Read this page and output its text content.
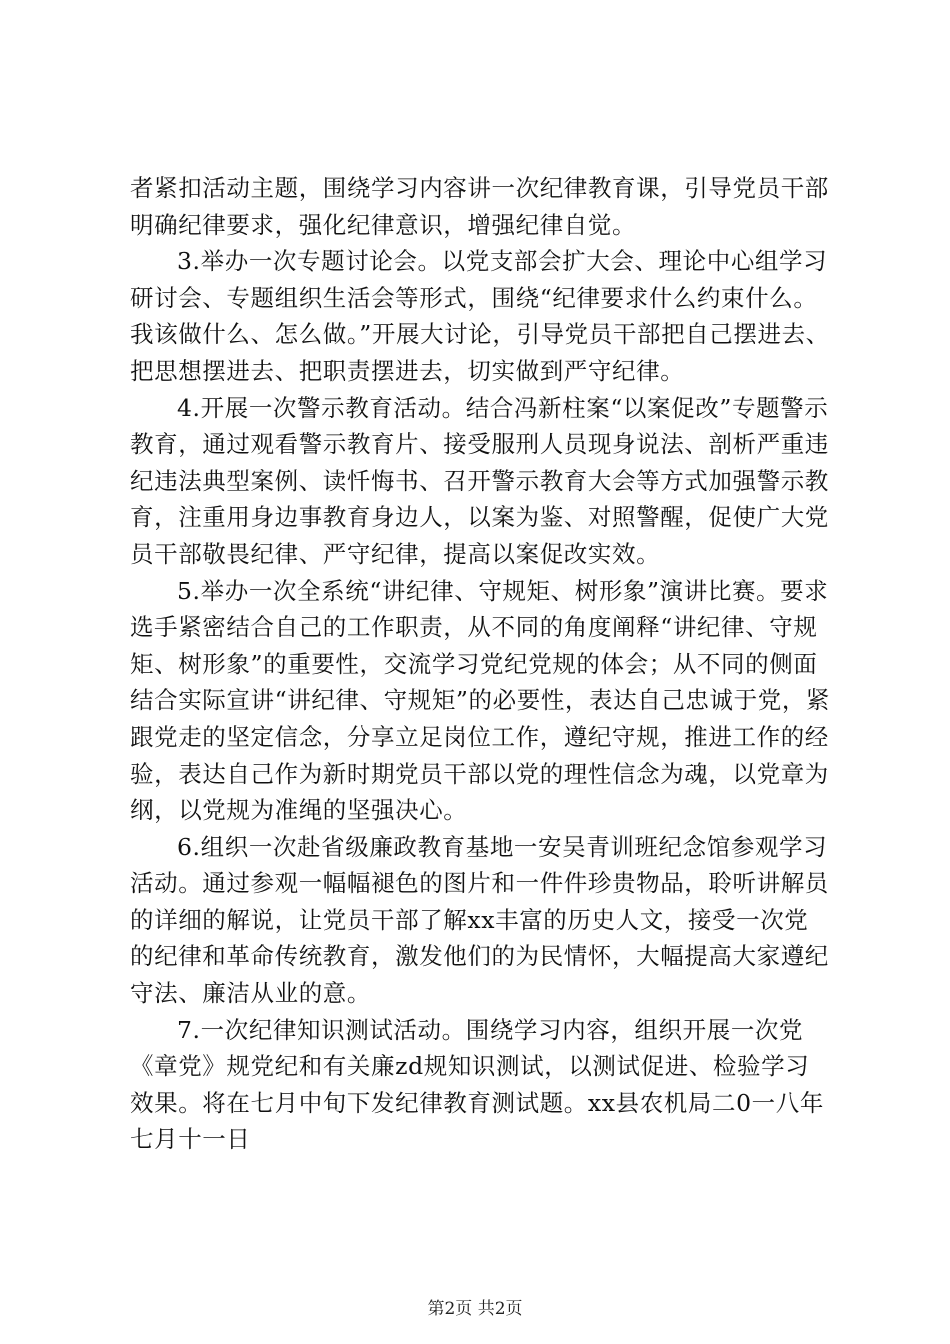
者紧扣活动主题，围绕学习内容讲一次纪律教育课，引导党员干部明确纪律要求，强化纪律意识，增强纪律自觉。

3.举办一次专题讨论会。以党支部会扩大会、理论中心组学习研讨会、专题组织生活会等形式，围绕“纪律要求什么约束什么。我该做什么、怎么做。”开展大讨论，引导党员干部把自己摆进去、把思想摆进去、把职责摆进去，切实做到严守纪律。

4.开展一次警示教育活动。结合冯新柱案“以案促改”专题警示教育，通过观看警示教育片、接受服刑人员现身说法、剖析严重违纪违法典型案例、读忏悔书、召开警示教育大会等方式加强警示教育，注重用身边事教育身边人，以案为鉴、对照警醒，促使广大党员干部敬畏纪律、严守纪律，提高以案促改实效。

5.举办一次全系统“讲纪律、守规矩、树形象”演讲比赛。要求选手紧密结合自己的工作职责，从不同的角度阐释“讲纪律、守规矩、树形象”的重要性，交流学习党纪党规的体会；从不同的侧面结合实际宣讲“讲纪律、守规矩”的必要性，表达自己忠诚于党，紧跟党走的坚定信念，分享立足岗位工作，遵纪守规，推进工作的经验，表达自己作为新时期党员干部以党的理性信念为魂，以党章为纲，以党规为准绳的坚强决心。

6.组织一次赴省级廉政教育基地一安吴青训班纪念馆参观学习活动。通过参观一幅幅褪色的图片和一件件珍贵物品，聆听讲解员的详细的解说，让党员干部了解xx丰富的历史人文，接受一次党的纪律和革命传统教育，激发他们的为民情怀，大幅提高大家遵纪守法、廉洁从业的意。

7.一次纪律知识测试活动。围绕学习内容，组织开展一次党《章党》规党纪和有关廉zd规知识测试，以测试促进、检验学习效果。将在七月中旬下发纪律教育测试题。xx县农机局二0一八年七月十一日

第2页 共2页
